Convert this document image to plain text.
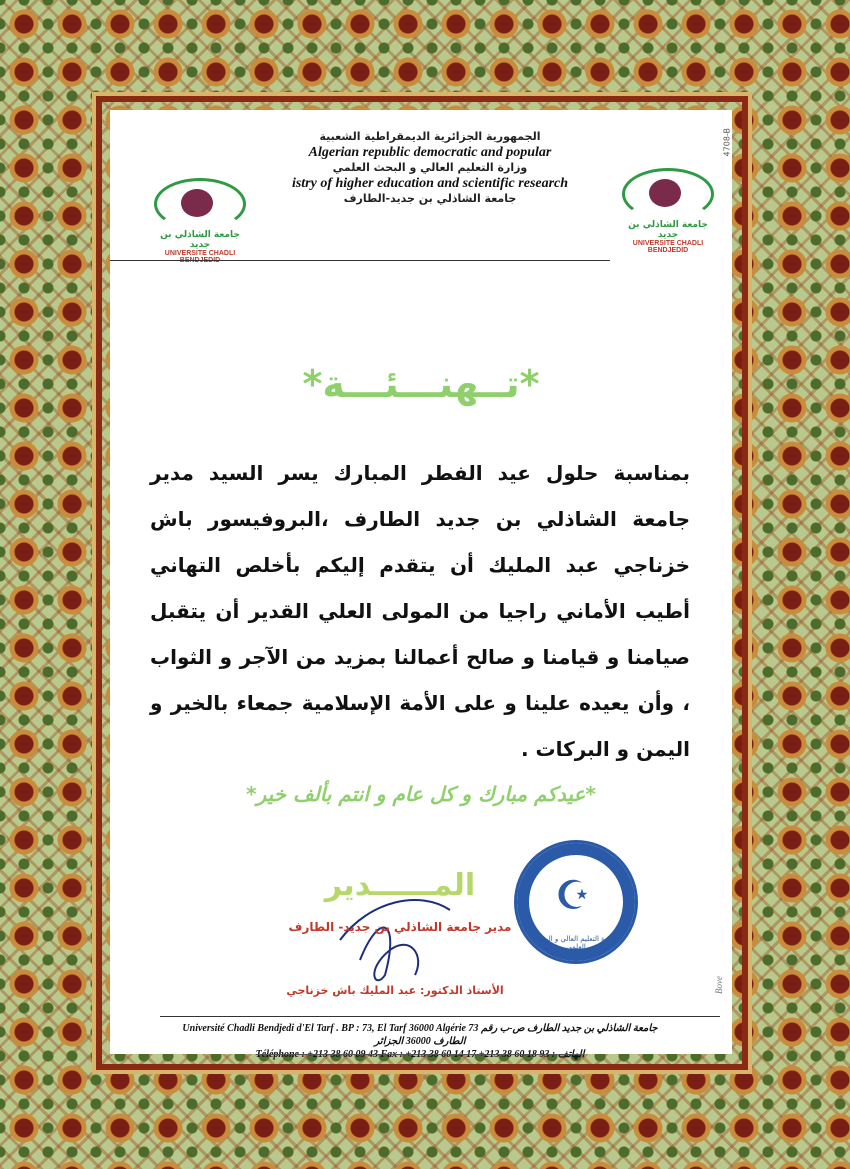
4708-B
جامعة الشاذلي بن جديد
UNIVERSITE CHADLI BENDJEDID
الجمهورية الجزائرية الديمقراطية الشعبية
Algerian republic democratic and popular
وزارة التعليم العالي و البحث العلمي
istry of higher education and scientific research
جامعة الشاذلي بن جديد-الطارف
جامعة الشاذلي بن جديد
UNIVERSITE CHADLI BENDJEDID
*تــهنـــئـــة*
بمناسبة حلول عيد الفطر المبارك يسر السيد مدير جامعة الشاذلي بن جديد الطارف ،البروفيسور باش خزناجي عبد المليك أن يتقدم إليكم بأخلص التهاني أطيب الأماني راجيا من المولى العلي القدير أن يتقبل صيامنا و قيامنا و صالح أعمالنا بمزيد من الآجر و الثواب ، وأن يعيده علينا و على الأمة الإسلامية جمعاء بالخير و اليمن و البركات .
*عيدكم مبارك و كل عام و انتم بألف خير*
المــــــدير
مدير جامعة الشاذلي بن جديد- الطارف
الأستاذ الدكتور: عبد المليك باش خزناجي
وزارة التعليم العالي و البحث العلمي
☪
Université Chadli Bendjedi d'El Tarf . BP : 73, El Tarf 36000 Algérie 73 جامعة الشاذلي بن جديد الطارف ص-ب رقم
الطارف 36000 الجزائر
Téléphone : +213 38 60 09 43 Fax : +213 38 60 14 17 +213 38 60 18 93 : الهاتف
Bove
